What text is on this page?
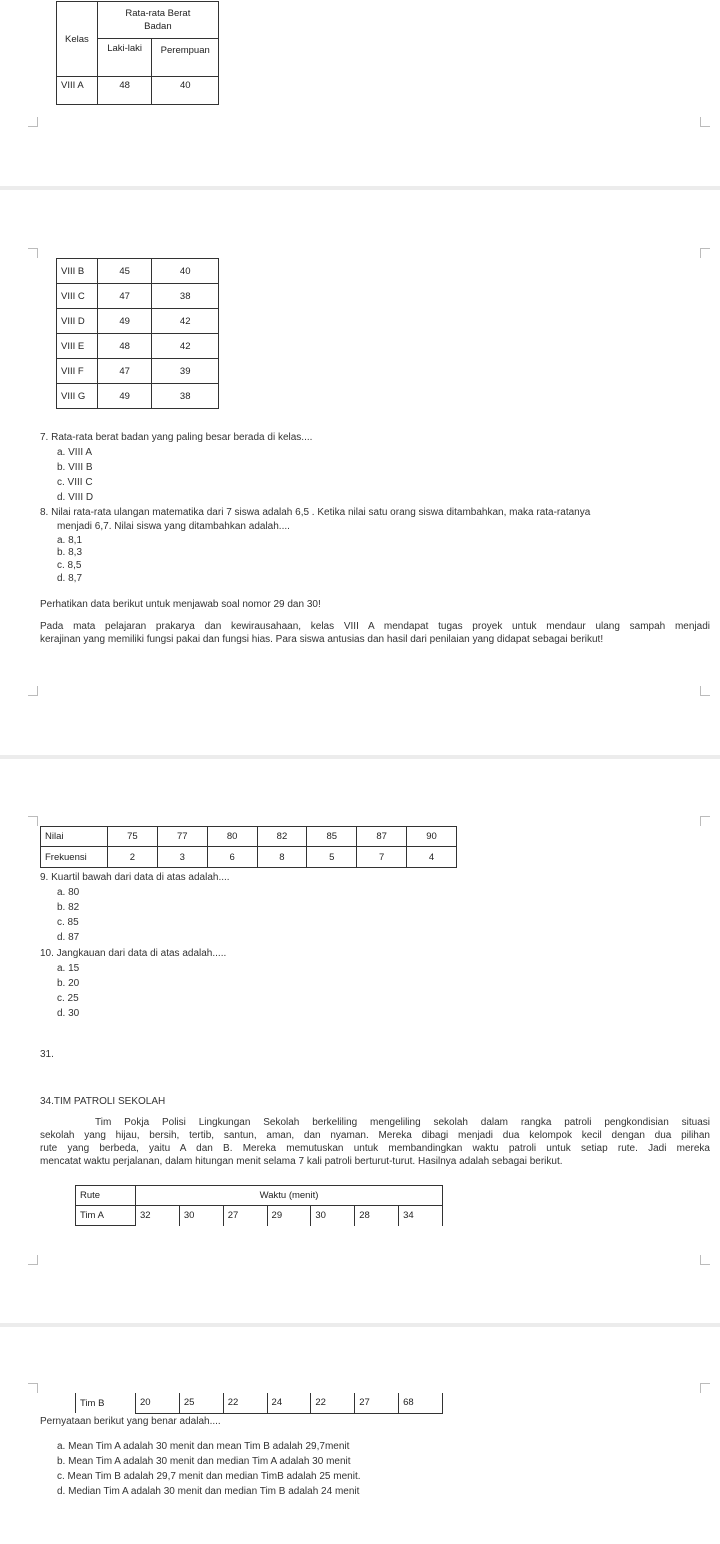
Kelas	Rata-rata Berat Badan	
	Laki-laki	Perempuan
VIII A	48	40
VIII B	45	40
VIII C	47	38
VIII D	49	42
VIII E	48	42
VIII F	47	39
VIII G	49	38
7. Rata-rata berat badan yang paling besar berada di kelas....
a. VIII A
b. VIII B
c. VIII C
d. VIII D
8. Nilai rata-rata ulangan matematika dari 7 siswa adalah 6,5 . Ketika nilai satu orang siswa ditambahkan, maka rata-ratanya
menjadi 6,7. Nilai siswa yang ditambahkan adalah....
a. 8,1
b. 8,3
c. 8,5
d. 8,7
Perhatikan data berikut untuk menjawab soal nomor 29 dan 30!
Pada mata pelajaran prakarya dan kewirausahaan, kelas VIII A mendapat tugas proyek untuk mendaur ulang sampah menjadi
kerajinan yang memiliki fungsi pakai dan fungsi hias. Para siswa antusias dan hasil dari penilaian yang didapat sebagai berikut!
Nilai	75	77	80	82	85	87	90
Frekuensi	2	3	6	8	5	7	4
9. Kuartil bawah dari data di atas adalah....
a. 80
b. 82
c. 85
d. 87
10. Jangkauan dari data di atas adalah.....
a. 15
b. 20
c. 25
d. 30
31.
34.TIM PATROLI SEKOLAH
Tim Pokja Polisi Lingkungan Sekolah berkeliling mengeliling sekolah dalam rangka patroli pengkondisian situasi
sekolah yang hijau, bersih, tertib, santun, aman, dan nyaman. Mereka dibagi menjadi dua kelompok kecil dengan dua pilihan
rute yang berbeda, yaitu A dan B. Mereka memutuskan untuk membandingkan waktu patroli untuk setiap rute. Jadi mereka
mencatat waktu perjalanan, dalam hitungan menit selama 7 kali patroli berturut-turut. Hasilnya adalah sebagai berikut.
Rute	Waktu (menit)						
Tim A	32	30	27	29	30	28	34
Tim B	20	25	22	24	22	27	68
Pernyataan berikut yang benar adalah....
a. Mean Tim A adalah 30 menit dan mean Tim B adalah 29,7menit
b. Mean Tim A adalah 30 menit dan median Tim A adalah 30 menit
c. Mean Tim B adalah 29,7 menit dan median TimB adalah 25 menit.
d. Median Tim A adalah 30 menit dan median Tim B adalah 24 menit
